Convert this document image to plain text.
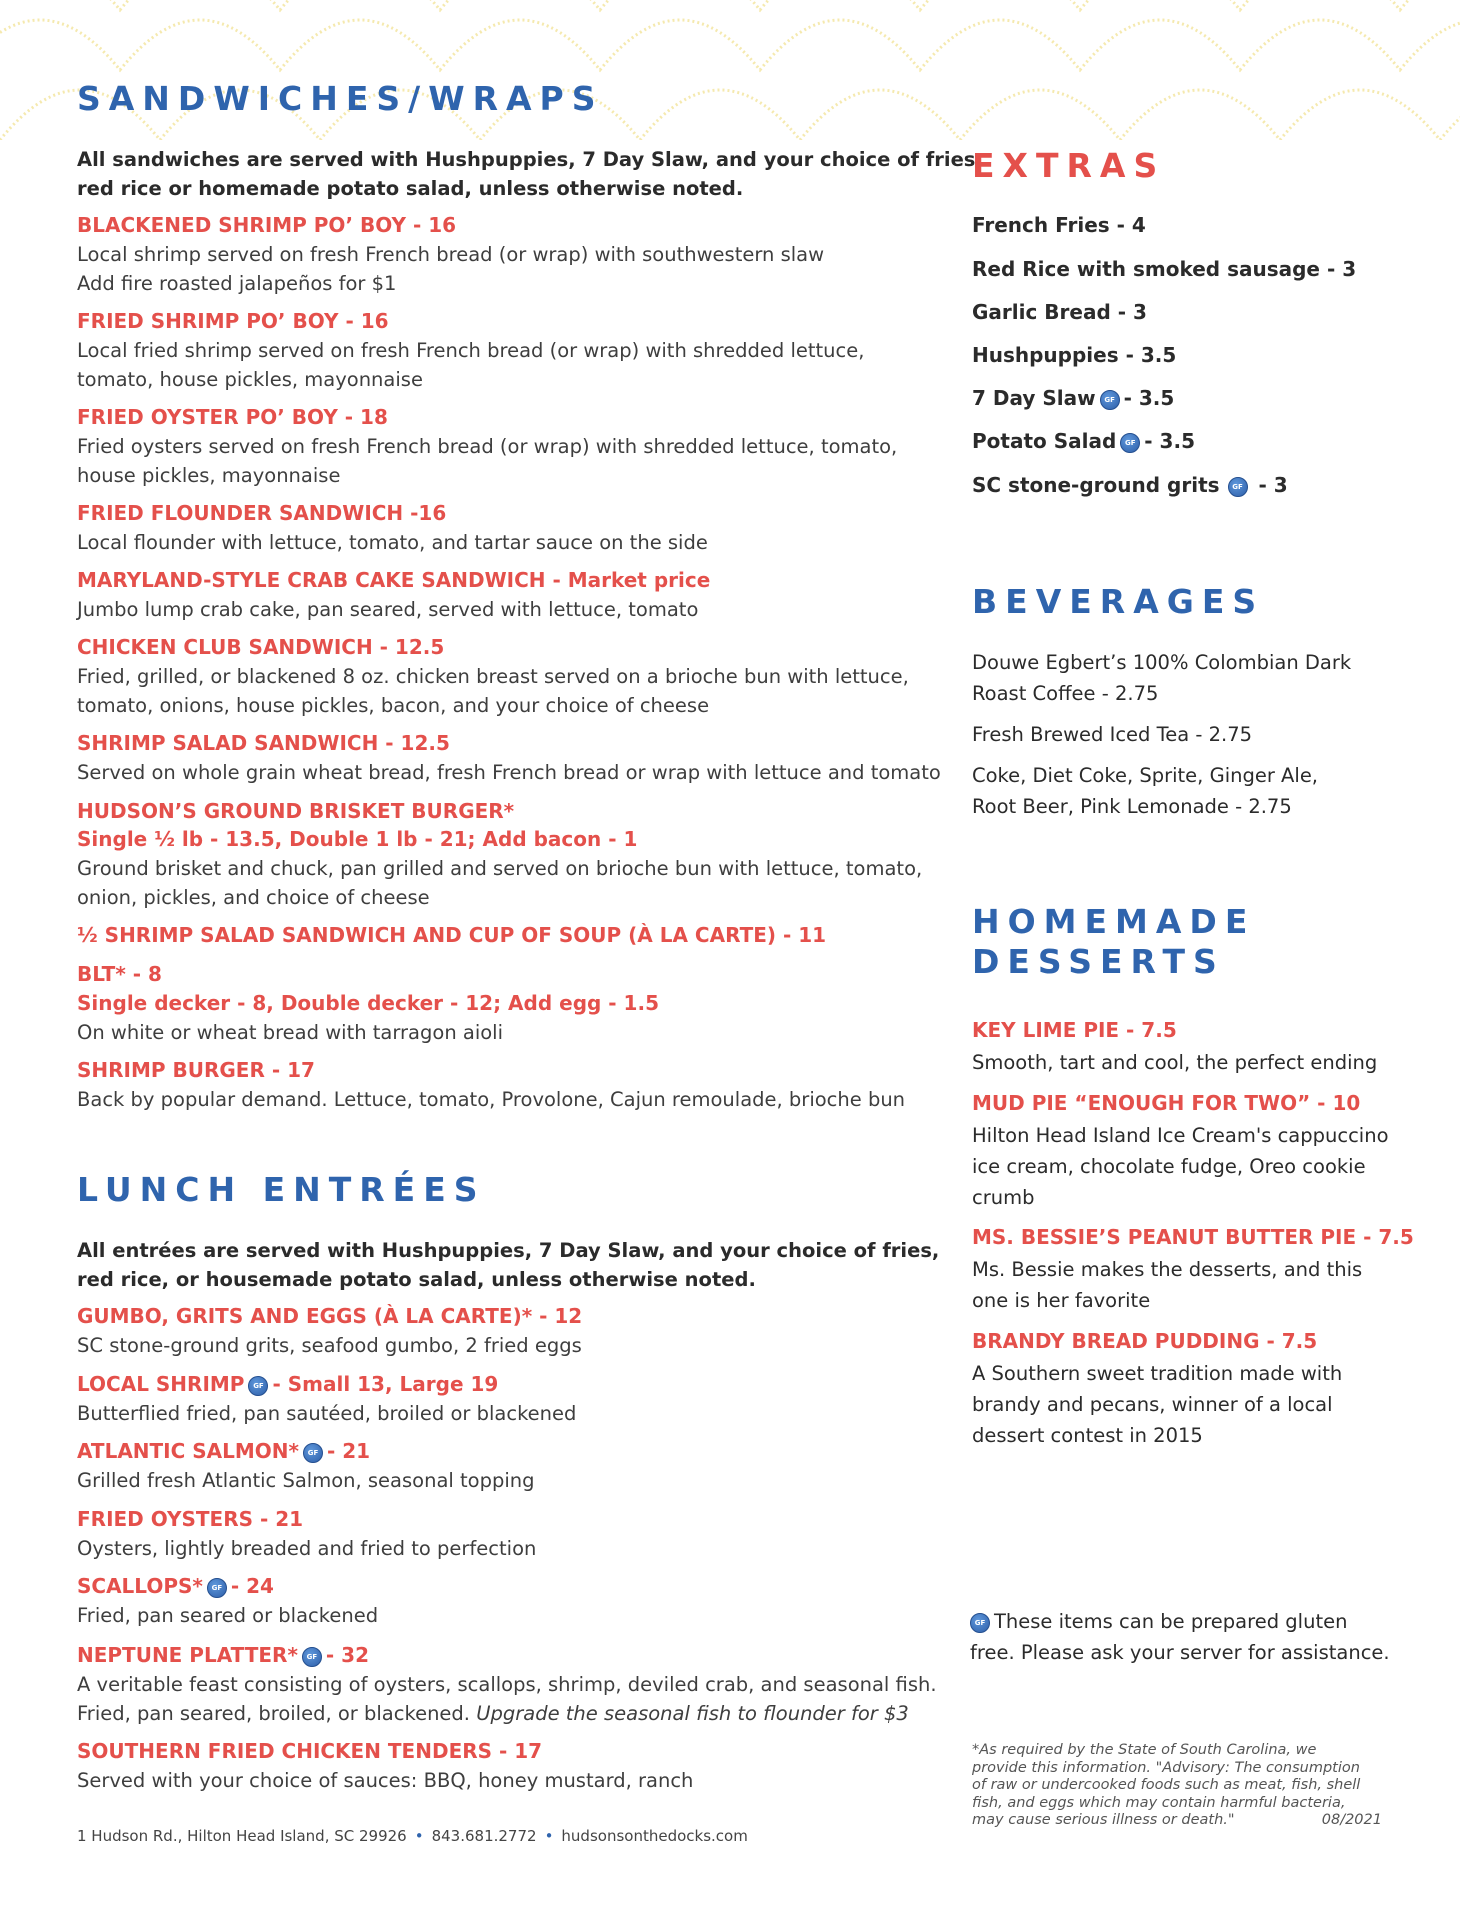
SANDWICHES/WRAPS

All sandwiches are served with Hushpuppies, 7 Day Slaw, and your choice of fries,
red rice or homemade potato salad, unless otherwise noted.

BLACKENED SHRIMP PO’ BOY - 16
Local shrimp served on fresh French bread (or wrap) with southwestern slaw
Add fire roasted jalapeños for $1
FRIED SHRIMP PO’ BOY - 16
Local fried shrimp served on fresh French bread (or wrap) with shredded lettuce,
tomato, house pickles, mayonnaise
FRIED OYSTER PO’ BOY - 18
Fried oysters served on fresh French bread (or wrap) with shredded lettuce, tomato,
house pickles, mayonnaise
FRIED FLOUNDER SANDWICH -16
Local flounder with lettuce, tomato, and tartar sauce on the side
MARYLAND-STYLE CRAB CAKE SANDWICH - Market price
Jumbo lump crab cake, pan seared, served with lettuce, tomato
CHICKEN CLUB SANDWICH - 12.5
Fried, grilled, or blackened 8 oz. chicken breast served on a brioche bun with lettuce,
tomato, onions, house pickles, bacon, and your choice of cheese
SHRIMP SALAD SANDWICH - 12.5
Served on whole grain wheat bread, fresh French bread or wrap with lettuce and tomato
HUDSON’S GROUND BRISKET BURGER*
Single ½ lb - 13.5, Double 1 lb - 21; Add bacon - 1
Ground brisket and chuck, pan grilled and served on brioche bun with lettuce, tomato,
onion, pickles, and choice of cheese
½ SHRIMP SALAD SANDWICH AND CUP OF SOUP (À LA CARTE) - 11
BLT* - 8
Single decker - 8, Double decker - 12; Add egg - 1.5
On white or wheat bread with tarragon aioli
SHRIMP BURGER - 17
Back by popular demand. Lettuce, tomato, Provolone, Cajun remoulade, brioche bun
LUNCH ENTRÉES

All entrées are served with Hushpuppies, 7 Day Slaw, and your choice of fries,
red rice, or housemade potato salad, unless otherwise noted.

GUMBO, GRITS AND EGGS (À LA CARTE)* - 12
SC stone-ground grits, seafood gumbo, 2 fried eggs
LOCAL SHRIMP GF - Small 13, Large 19
Butterflied fried, pan sautéed, broiled or blackened
ATLANTIC SALMON* GF - 21
Grilled fresh Atlantic Salmon, seasonal topping
FRIED OYSTERS - 21
Oysters, lightly breaded and fried to perfection
SCALLOPS* GF - 24
Fried, pan seared or blackened
NEPTUNE PLATTER* GF - 32
A veritable feast consisting of oysters, scallops, shrimp, deviled crab, and seasonal fish.
Fried, pan seared, broiled, or blackened. Upgrade the seasonal fish to flounder for $3
SOUTHERN FRIED CHICKEN TENDERS - 17
Served with your choice of sauces: BBQ, honey mustard, ranch
1 Hudson Rd., Hilton Head Island, SC 29926 • 843.681.2772 • hudsonsonthedocks.com
EXTRAS
French Fries - 4
Red Rice with smoked sausage - 3
Garlic Bread - 3
Hushpuppies - 3.5
7 Day Slaw GF - 3.5
Potato Salad GF - 3.5
SC stone-ground grits GF - 3
BEVERAGES
Douwe Egbert’s 100% Colombian Dark
Roast Coffee - 2.75
Fresh Brewed Iced Tea - 2.75
Coke, Diet Coke, Sprite, Ginger Ale,
Root Beer, Pink Lemonade - 2.75
HOMEMADE
DESSERTS
KEY LIME PIE - 7.5
Smooth, tart and cool, the perfect ending
MUD PIE “ENOUGH FOR TWO” - 10
Hilton Head Island Ice Cream's cappuccino
ice cream, chocolate fudge, Oreo cookie
crumb
MS. BESSIE’S PEANUT BUTTER PIE - 7.5
Ms. Bessie makes the desserts, and this
one is her favorite
BRANDY BREAD PUDDING - 7.5
A Southern sweet tradition made with
brandy and pecans, winner of a local
dessert contest in 2015
GF These items can be prepared gluten
free. Please ask your server for assistance.
*As required by the State of South Carolina, we
provide this information. "Advisory: The consumption
of raw or undercooked foods such as meat, fish, shell
fish, and eggs which may contain harmful bacteria,
may cause serious illness or death."	08/2021
